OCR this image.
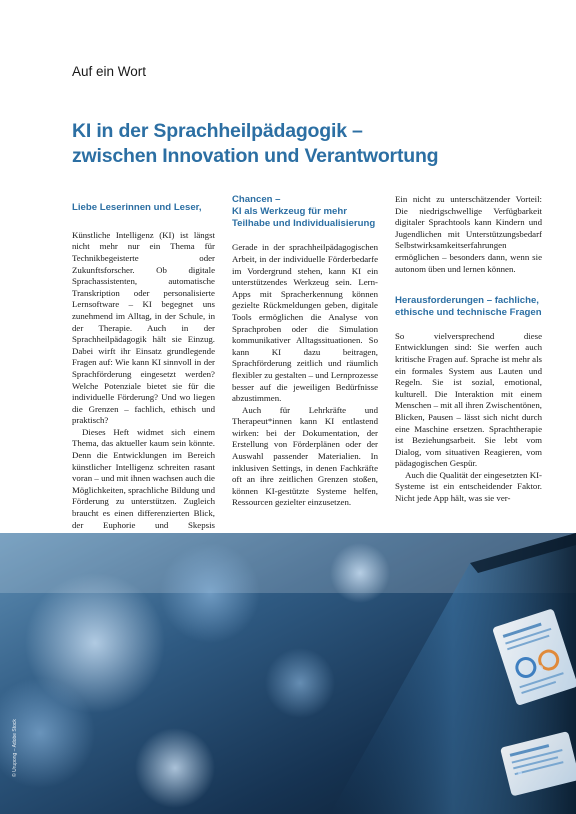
Auf ein Wort
KI in der Sprachheilpädagogik –
zwischen Innovation und Verantwortung
Liebe Leserinnen und Leser,

Künstliche Intelligenz (KI) ist längst nicht mehr nur ein Thema für Technikbegeisterte oder Zukunftsforscher. Ob digitale Sprachassistenten, automatische Transkription oder personalisierte Lernsoftware – KI begegnet uns zunehmend im Alltag, in der Schule, in der Therapie. Auch in der Sprachheilpädagogik hält sie Einzug. Dabei wirft ihr Einsatz grundlegende Fragen auf: Wie kann KI sinnvoll in der Sprachförderung eingesetzt werden? Welche Potenziale bietet sie für die individuelle Förderung? Und wo liegen die Grenzen – fachlich, ethisch und praktisch?

Dieses Heft widmet sich einem Thema, das aktueller kaum sein könnte. Denn die Entwicklungen im Bereich künstlicher Intelligenz schreiten rasant voran – und mit ihnen wachsen auch die Möglichkeiten, sprachliche Bildung und Förderung zu unterstützen. Zugleich braucht es einen differenzierten Blick, der Euphorie und Skepsis

Chancen –
KI als Werkzeug für mehr Teilhabe und Individualisierung

Gerade in der sprachheilpädagogischen Arbeit, in der individuelle Förderbedarfe im Vordergrund stehen, kann KI ein unterstützendes Werkzeug sein. Lern-Apps mit Spracherkennung können gezielte Rückmeldungen geben, digitale Tools ermöglichen die Analyse von Sprachproben oder die Simulation kommunikativer Alltagssituationen. So kann KI dazu beitragen, Sprachförderung zeitlich und räumlich flexibler zu gestalten – und Lernprozesse besser auf die jeweiligen Bedürfnisse abzustimmen.

Auch für Lehrkräfte und Therapeut*innen kann KI entlastend wirken: bei der Dokumentation, der Erstellung von Förderplänen oder der Auswahl passender Materialien. In inklusiven Settings, in denen Fachkräfte oft an ihre zeitlichen Grenzen stoßen, können KI-gestützte Systeme helfen, Ressourcen gezielter einzusetzen.

Ein nicht zu unterschätzender Vorteil: Die niedrigschwellige Verfügbarkeit digitaler Sprachtools kann Kindern und Jugendlichen mit Unterstützungsbedarf Selbstwirksamkeitserfahrungen ermöglichen – besonders dann, wenn sie autonom üben und lernen können.

Herausforderungen – fachliche, ethische und technische Fragen

So vielversprechend diese Entwicklungen sind: Sie werfen auch kritische Fragen auf. Sprache ist mehr als ein formales System aus Lauten und Regeln. Sie ist sozial, emotional, kulturell. Die Interaktion mit einem Menschen – mit all ihren Zwischentönen, Blicken, Pausen – lässt sich nicht durch eine Maschine ersetzen. Sprachtherapie ist Beziehungsarbeit. Sie lebt vom Dialog, vom situativen Reagieren, vom pädagogischen Gespür.

Auch die Qualität der eingesetzten KI-Systeme ist ein entscheidender Faktor. Nicht jede App hält, was sie ver-

© Urupong – Adobe Stock
